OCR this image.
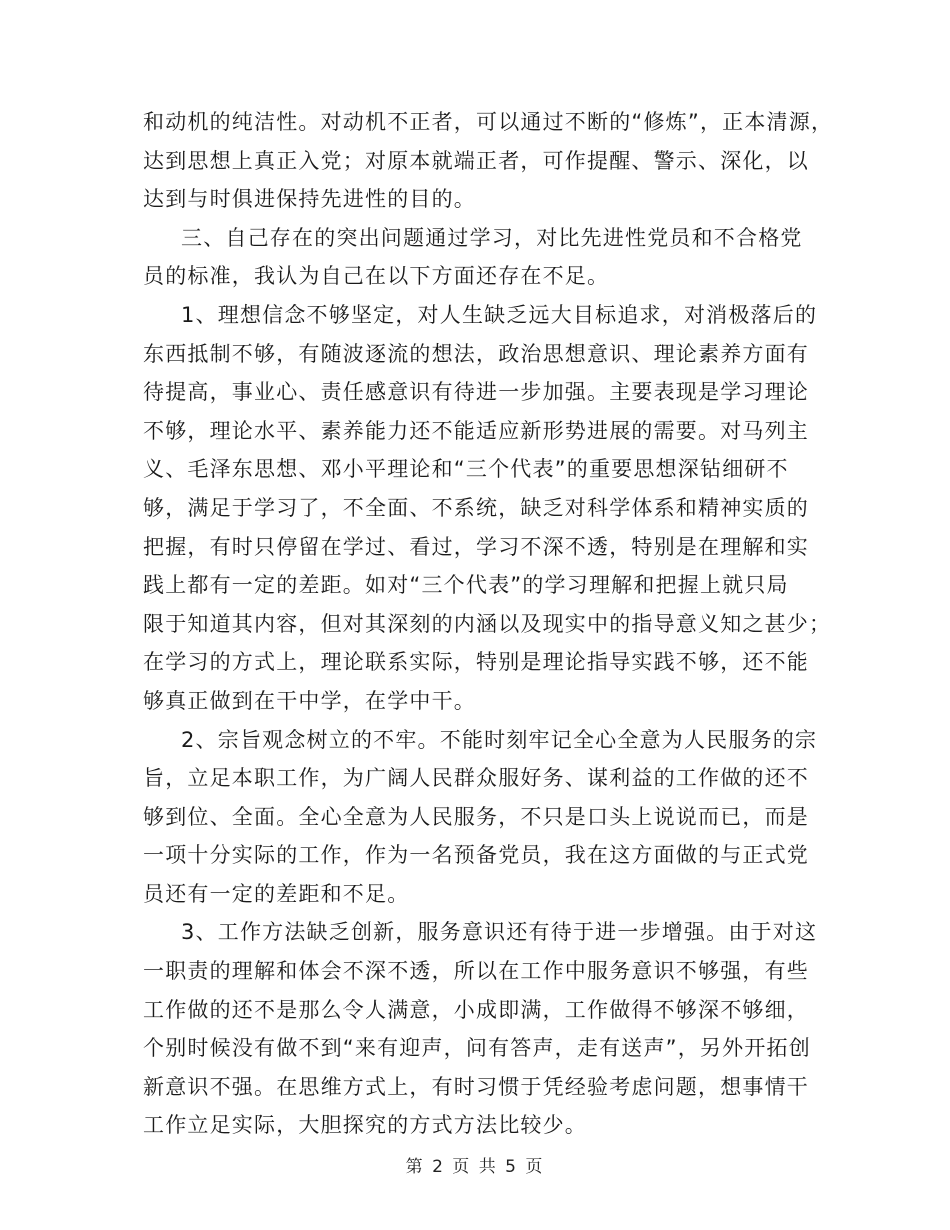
和动机的纯洁性。对动机不正者，可以通过不断的“修炼”，正本清源，
达到思想上真正入党；对原本就端正者，可作提醒、警示、深化，以
达到与时俱进保持先进性的目的。

三、自己存在的突出问题通过学习，对比先进性党员和不合格党
员的标准，我认为自己在以下方面还存在不足。

1、理想信念不够坚定，对人生缺乏远大目标追求，对消极落后的
东西抵制不够，有随波逐流的想法，政治思想意识、理论素养方面有
待提高，事业心、责任感意识有待进一步加强。主要表现是学习理论
不够，理论水平、素养能力还不能适应新形势进展的需要。对马列主
义、毛泽东思想、邓小平理论和“三个代表”的重要思想深钻细研不
够，满足于学习了，不全面、不系统，缺乏对科学体系和精神实质的
把握，有时只停留在学过、看过，学习不深不透，特别是在理解和实
践上都有一定的差距。如对“三个代表”的学习理解和把握上就只局
限于知道其内容，但对其深刻的内涵以及现实中的指导意义知之甚少；
在学习的方式上，理论联系实际，特别是理论指导实践不够，还不能
够真正做到在干中学，在学中干。

2、宗旨观念树立的不牢。不能时刻牢记全心全意为人民服务的宗
旨，立足本职工作，为广阔人民群众服好务、谋利益的工作做的还不
够到位、全面。全心全意为人民服务，不只是口头上说说而已，而是
一项十分实际的工作，作为一名预备党员，我在这方面做的与正式党
员还有一定的差距和不足。

3、工作方法缺乏创新，服务意识还有待于进一步增强。由于对这
一职责的理解和体会不深不透，所以在工作中服务意识不够强，有些
工作做的还不是那么令人满意，小成即满，工作做得不够深不够细，
个别时候没有做不到“来有迎声，问有答声，走有送声”，另外开拓创
新意识不强。在思维方式上，有时习惯于凭经验考虑问题，想事情干
工作立足实际，大胆探究的方式方法比较少。

第 2 页 共 5 页
